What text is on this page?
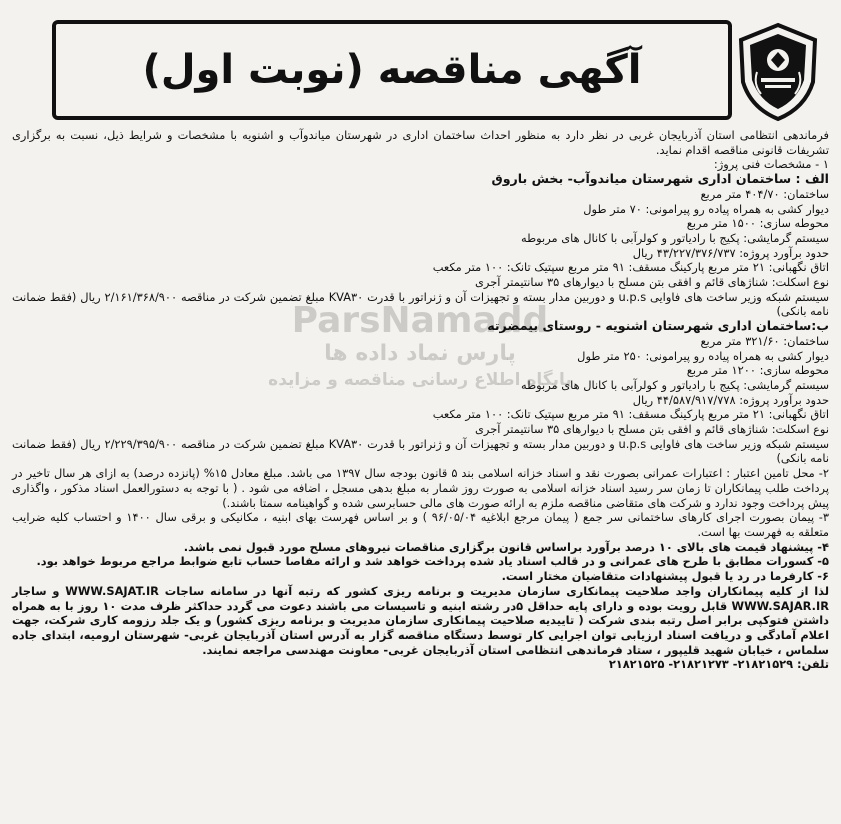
آگهی مناقصه (نوبت اول)

فرماندهی انتظامی استان آذربایجان غربی در نظر دارد به منظور احداث ساختمان اداری در شهرستان میاندوآب و اشنویه با مشخصات و شرایط ذیل، نسبت به برگزاری تشریفات قانونی مناقصه اقدام نماید.

۱ - مشخصات فنی پروژ:

الف : ساختمان اداری شهرستان میاندوآب- بخش باروق

ساختمان: ۴۰۴/۷۰ متر مربع

دیوار کشی به همراه پیاده رو پیرامونی: ۷۰ متر طول

محوطه سازی: ۱۵۰۰ متر مربع

سیستم گرمایشی: پکیج با رادیاتور و کولرآبی با کانال های مربوطه

حدود برآورد پروژه: ۴۳/۲۲۷/۳۷۶/۷۳۷ ریال

اتاق نگهبانی: ۲۱ متر مربع پارکینگ مسقف: ۹۱ متر مربع سپتیک تانک: ۱۰۰ متر مکعب

نوع اسکلت: شناژهای قائم و افقی بتن مسلح با دیوارهای ۳۵ سانتیمتر آجری

سیستم شبکه وزیر ساخت های فاوایی u.p.s و دوربین مدار بسته و تجهیزات آن و ژنراتور با قدرت KVA۳۰ مبلغ تضمین شرکت در مناقصه ۲/۱۶۱/۳۶۸/۹۰۰ ریال (فقط ضمانت نامه بانکی)

ب:ساختمان اداری شهرستان اشنویه - روستای بیمضرته

ساختمان: ۳۲۱/۶۰ متر مربع

دیوار کشی به همراه پیاده رو پیرامونی: ۲۵۰ متر طول

محوطه سازی: ۱۲۰۰ متر مربع

سیستم گرمایشی: پکیج با رادیاتور و کولرآبی با کانال های مربوطه

حدود برآورد پروژه: ۴۴/۵۸۷/۹۱۷/۷۷۸ ریال

اتاق نگهبانی: ۲۱ متر مربع پارکینگ مسقف: ۹۱ متر مربع سپتیک تانک: ۱۰۰ متر مکعب

نوع اسکلت: شناژهای قائم و افقی بتن مسلح با دیوارهای ۳۵ سانتیمتر آجری

سیستم شبکه وزیر ساخت های فاوایی u.p.s و دوربین مدار بسته و تجهیزات آن و ژنراتور با قدرت KVA۳۰ مبلغ تضمین شرکت در مناقصه ۲/۲۲۹/۳۹۵/۹۰۰ ریال (فقط ضمانت نامه بانکی)

۲- محل تامین اعتبار : اعتبارات عمرانی بصورت نقد و اسناد خزانه اسلامی بند ۵ قانون بودجه سال ۱۳۹۷ می باشد. مبلغ معادل ۱۵% (پانزده درصد) به ازای هر سال تاخیر در پرداخت طلب پیمانکاران تا زمان سر رسید اسناد خزانه اسلامی به صورت روز شمار به مبلغ بدهی مسجل ، اضافه می شود . ( با توجه به دستورالعمل اسناد مذکور ، واگذاری پیش پرداخت وجود ندارد و شرکت های متقاضی مناقصه ملزم به ارائه صورت های مالی حسابرسی شده و گواهینامه سمتا باشند.)

۳- پیمان بصورت اجرای کارهای ساختمانی سر جمع ( پیمان مرجع ابلاغیه ۹۶/۰۵/۰۴ ) و بر اساس فهرست بهای ابنیه ، مکانیکی و برقی سال ۱۴۰۰ و احتساب کلیه ضرایب متعلقه به فهرست بها است.

۴- پیشنهاد قیمت های بالای ۱۰ درصد برآورد براساس قانون برگزاری مناقصات نیروهای مسلح مورد قبول نمی باشد.

۵- کسورات مطابق با طرح های عمرانی و در قالب اسناد یاد شده پرداخت خواهد شد و ارائه مفاصا حساب تابع ضوابط مراجع مربوط خواهد بود.

۶- کارفرما در رد یا قبول پیشنهادات متقاضیان مختار است.

لذا از کلیه پیمانکاران واجد صلاحیت پیمانکاری سازمان مدیریت و برنامه ریزی کشور که رتبه آنها در سامانه ساجات WWW.SAJAT.IR و ساجار WWW.SAJAR.IR قابل رویت بوده و دارای پایه حداقل ۵در رشته ابنیه و تاسیسات می باشند دعوت می گردد حداکثر ظرف مدت ۱۰ روز با به همراه داشتن فتوکپی برابر اصل رتبه بندی شرکت ( تاییدیه صلاحیت پیمانکاری سازمان مدیریت و برنامه ریزی کشور) و یک جلد رزومه کاری شرکت، جهت اعلام آمادگی و دریافت اسناد ارزیابی توان اجرایی کار توسط دستگاه مناقصه گزار به آدرس استان آذربایجان غربی- شهرستان ارومیه، ابتدای جاده سلماس ، خیابان شهید قلیپور ، ستاد فرماندهی انتظامی استان آذربایجان غربی- معاونت مهندسی مراجعه نمایند.

تلفن: ۲۱۸۲۱۵۲۹- ۲۱۸۲۱۲۷۳- ۲۱۸۲۱۵۲۵

ParsNamadd
پارس نماد داده ها
پایگاه اطلاع رسانی مناقصه و مزایده
